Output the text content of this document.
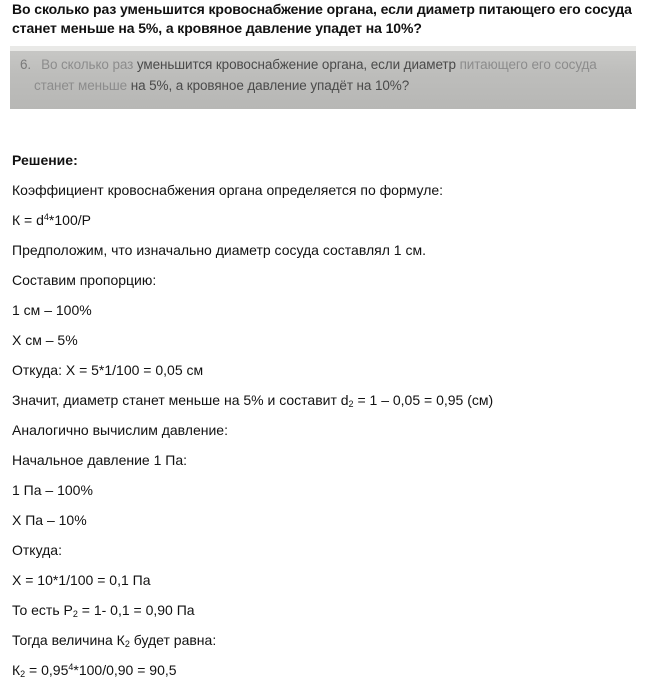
Во сколько раз уменьшится кровоснабжение органа, если диаметр питающего его сосуда станет меньше на 5%, а кровяное давление упадет на 10%?
6. Во сколько раз уменьшится кровоснабжение органа, если диаметр питающего его сосуда
станет меньше на 5%, а кровяное давление упадёт на 10%?
Решение:
Коэффициент кровоснабжения органа определяется по формуле:
$К = d^4*100/Р$
Предположим, что изначально диаметр сосуда составлял 1 см.
Составим пропорцию:
1 см – 100%
Х см – 5%
Откуда: Х = 5*1/100 = 0,05 см
Значит, диаметр станет меньше на 5% и составит $d_2 = 1 - 0,05 = 0,95$ (см)
Аналогично вычислим давление:
Начальное давление 1 Па:
1 Па – 100%
Х Па – 10%
Откуда:
Х = 10*1/100 = 0,1 Па
То есть $Р_2 = 1-$ 0,1 = 0,90 Па
Тогда величина $К_2$ будет равна:
$К_2 = 0,95^4*100/0,90 = 90,5$
